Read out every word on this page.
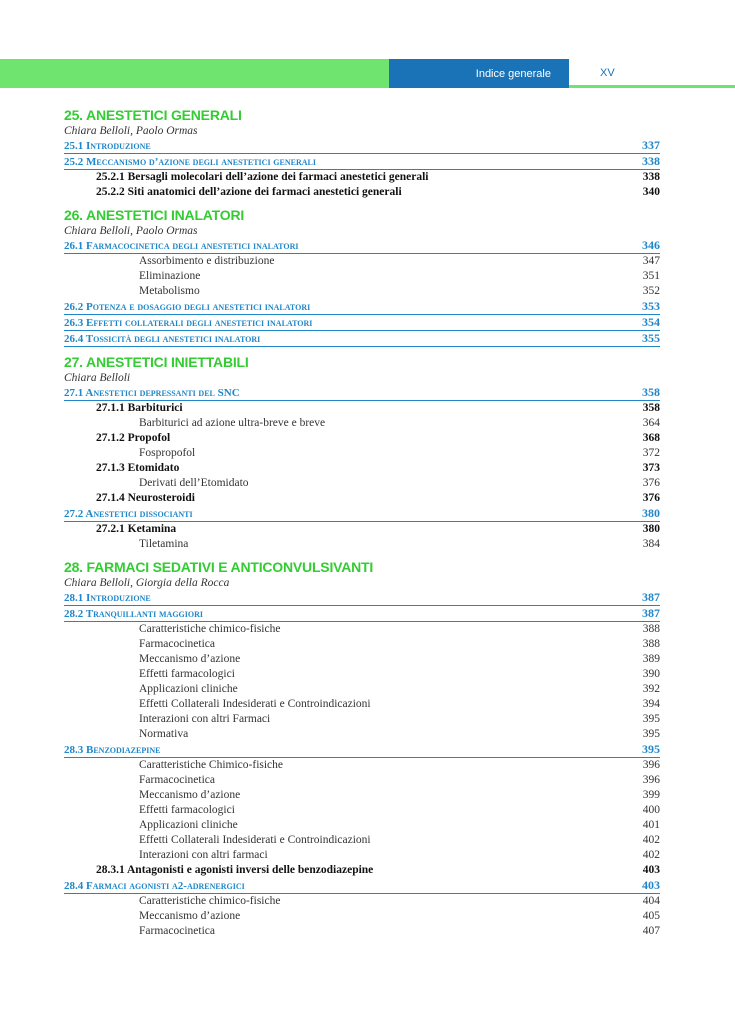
Indice generale	XV
25. ANESTETICI GENERALI
Chiara Belloli, Paolo Ormas
25.1 Introduzione	337
25.2 Meccanismo d’azione degli anestetici generali	338
25.2.1 Bersagli molecolari dell’azione dei farmaci anestetici generali	338
25.2.2 Siti anatomici dell’azione dei farmaci anestetici generali	340
26. ANESTETICI INALATORI
Chiara Belloli, Paolo Ormas
26.1 Farmacocinetica degli anestetici inalatori	346
Assorbimento e distribuzione	347
Eliminazione	351
Metabolismo	352
26.2 Potenza e dosaggio degli anestetici inalatori	353
26.3 Effetti collaterali degli anestetici inalatori	354
26.4 Tossicità degli anestetici inalatori	355
27. ANESTETICI INIETTABILI
Chiara Belloli
27.1 Anestetici depressanti del SNC	358
27.1.1 Barbiturici	358
Barbiturici ad azione ultra-breve e breve	364
27.1.2 Propofol	368
Fospropofol	372
27.1.3 Etomidato	373
Derivati dell’Etomidato	376
27.1.4 Neurosteroidi	376
27.2 Anestetici dissocianti	380
27.2.1 Ketamina	380
Tiletamina	384
28. FARMACI SEDATIVI E ANTICONVULSIVANTI
Chiara Belloli, Giorgia della Rocca
28.1 Introduzione	387
28.2 Tranquillanti maggiori	387
Caratteristiche chimico-fisiche	388
Farmacocinetica	388
Meccanismo d’azione	389
Effetti farmacologici	390
Applicazioni cliniche	392
Effetti Collaterali Indesiderati e Controindicazioni	394
Interazioni con altri Farmaci	395
Normativa	395
28.3 Benzodiazepine	395
Caratteristiche Chimico-fisiche	396
Farmacocinetica	396
Meccanismo d’azione	399
Effetti farmacologici	400
Applicazioni cliniche	401
Effetti Collaterali Indesiderati e Controindicazioni	402
Interazioni con altri farmaci	402
28.3.1 Antagonisti e agonisti inversi delle benzodiazepine	403
28.4 Farmaci agonisti α2-adrenergici	403
Caratteristiche chimico-fisiche	404
Meccanismo d’azione	405
Farmacocinetica	407
